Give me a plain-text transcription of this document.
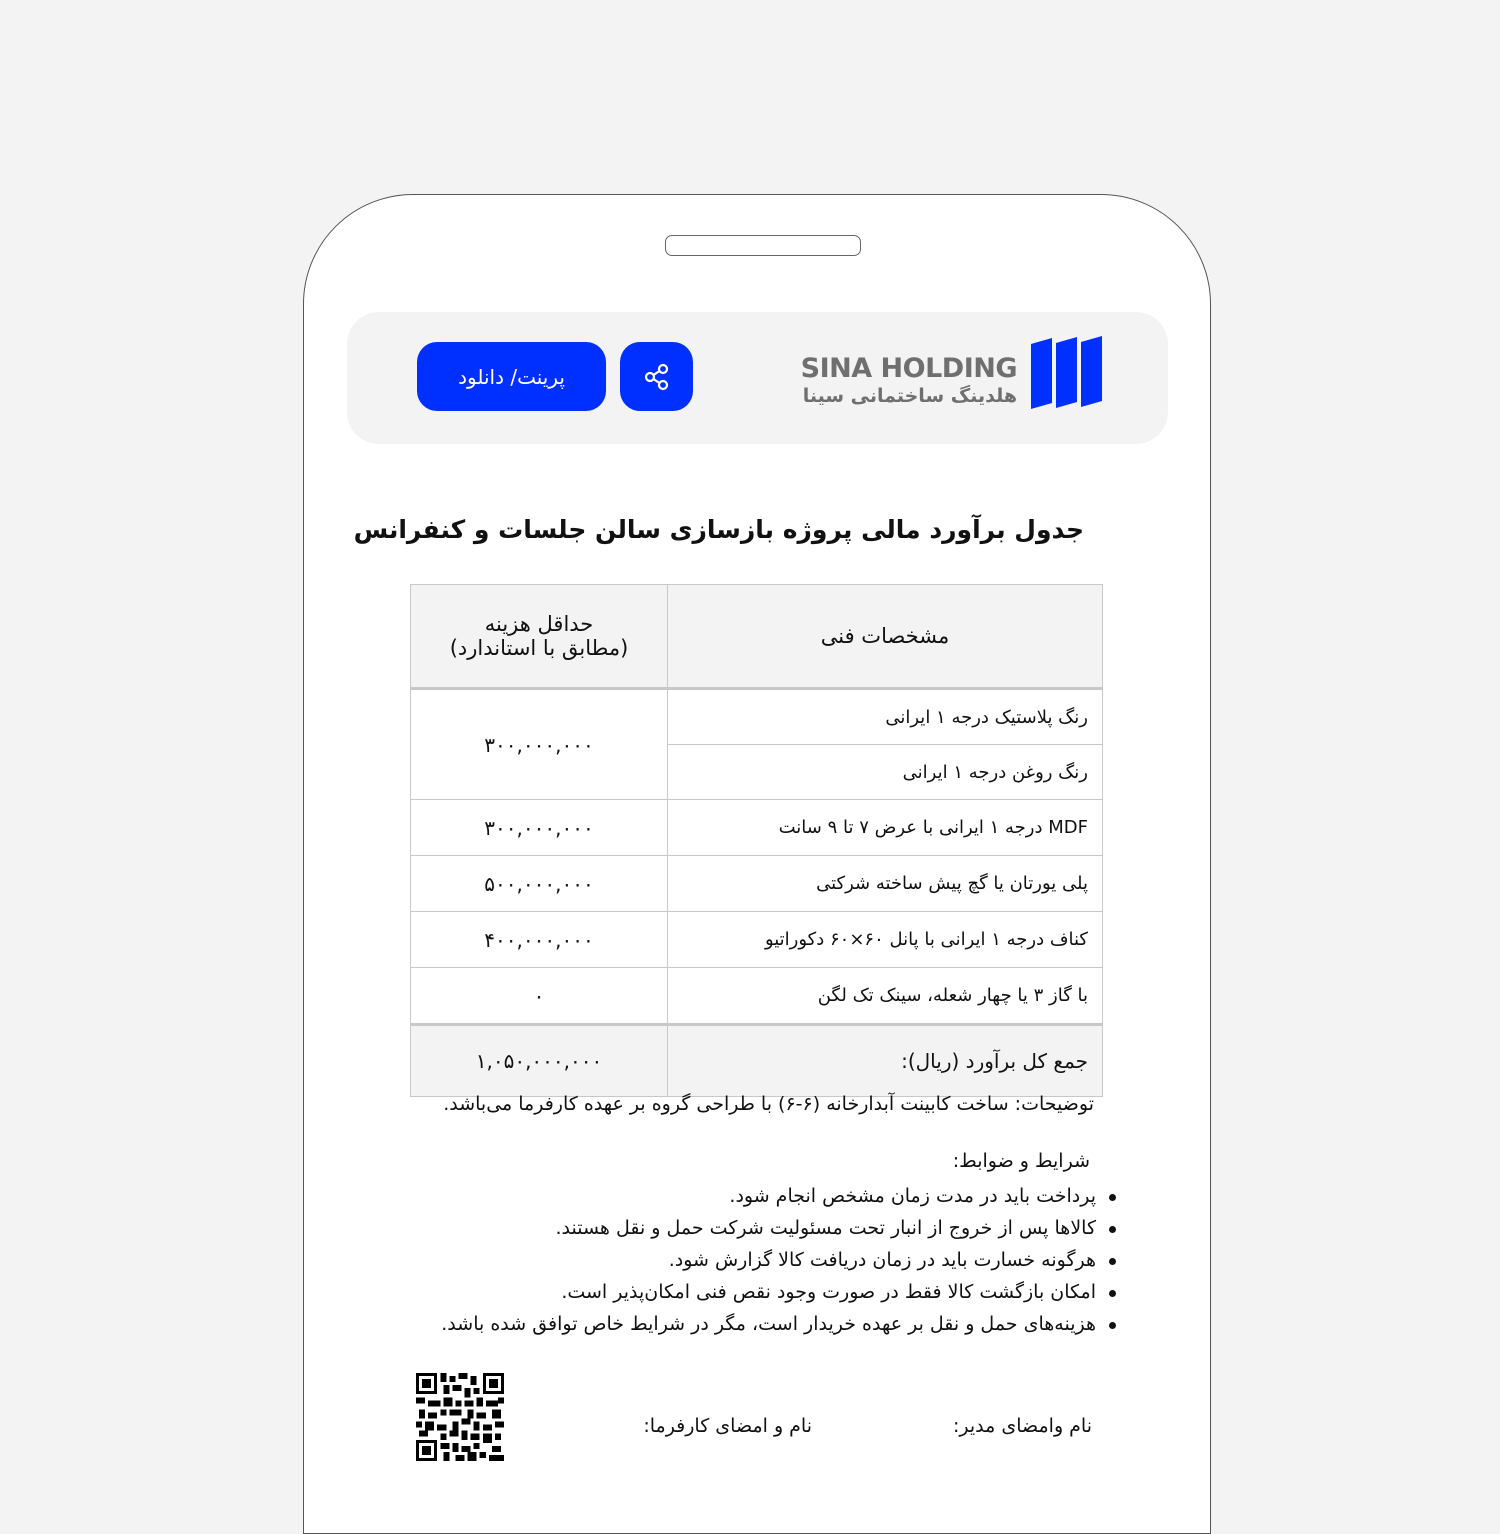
SINA HOLDING
هلدینگ ساختمانی سینا
پرینت/ دانلود
جدول برآورد مالی پروژه بازسازی سالن جلسات و کنفرانس
مشخصات فنی	حداقل هزینه
(مطابق با استاندارد)

رنگ پلاستیک درجه ۱ ایرانی	۳۰۰,۰۰۰,۰۰۰
رنگ روغن درجه ۱ ایرانی	
MDF درجه ۱ ایرانی با عرض ۷ تا ۹ سانت	۳۰۰,۰۰۰,۰۰۰
پلی یورتان یا گچ پیش ساخته شرکتی	۵۰۰,۰۰۰,۰۰۰
کناف درجه ۱ ایرانی با پانل ۶۰×۶۰ دکوراتیو	۴۰۰,۰۰۰,۰۰۰
با گاز ۳ یا چهار شعله، سینک تک لگن	۰
جمع کل برآورد (ریال):	۱,۰۵۰,۰۰۰,۰۰۰
توضیحات: ساخت کابینت آبدارخانه (۶-۶) با طراحی گروه بر عهده کارفرما می‌باشد.
شرایط و ضوابط:
پرداخت باید در مدت زمان مشخص انجام شود.
کالاها پس از خروج از انبار تحت مسئولیت شرکت حمل و نقل هستند.
هرگونه خسارت باید در زمان دریافت کالا گزارش شود.
امکان بازگشت کالا فقط در صورت وجود نقص فنی امکان‌پذیر است.
هزینه‌های حمل و نقل بر عهده خریدار است، مگر در شرایط خاص توافق شده باشد.
نام وامضای مدیر:
نام و امضای کارفرما:
